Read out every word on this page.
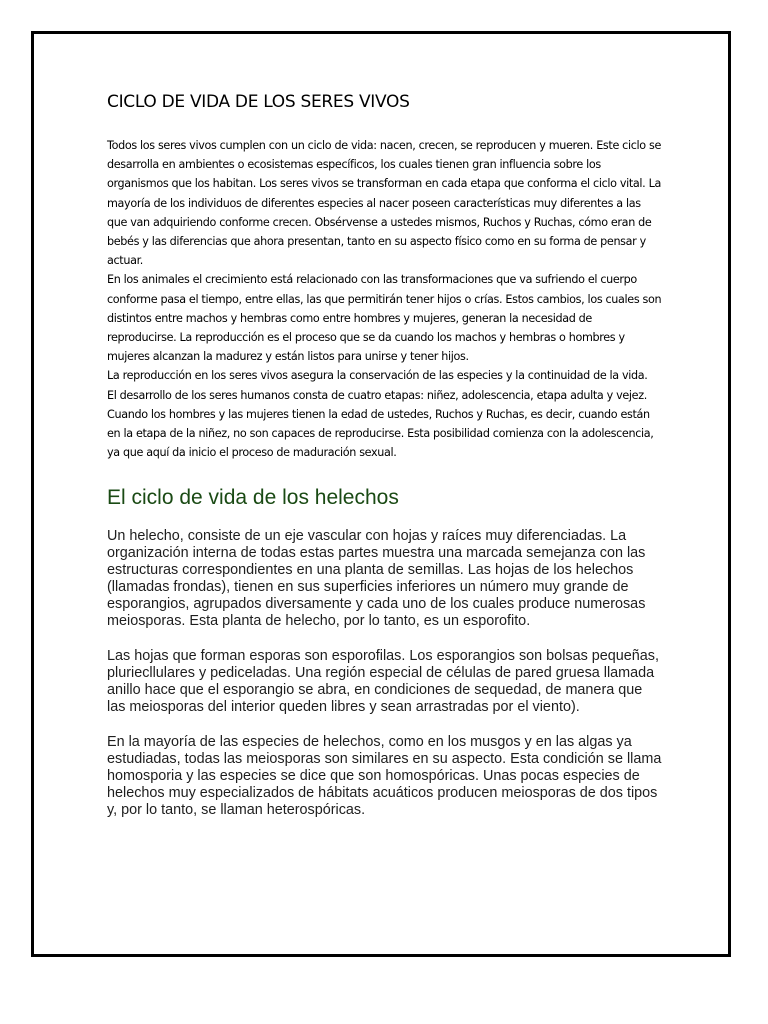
CICLO DE VIDA DE LOS SERES VIVOS

Todos los seres vivos cumplen con un ciclo de vida: nacen, crecen, se reproducen y mueren. Este ciclo se desarrolla en ambientes o ecosistemas específicos, los cuales tienen gran influencia sobre los organismos que los habitan. Los seres vivos se transforman en cada etapa que conforma el ciclo vital. La mayoría de los individuos de diferentes especies al nacer poseen características muy diferentes a las que van adquiriendo conforme crecen. Obsérvense a ustedes mismos, Ruchos y Ruchas, cómo eran de bebés y las diferencias que ahora presentan, tanto en su aspecto físico como en su forma de pensar y actuar.

En los animales el crecimiento está relacionado con las transformaciones que va sufriendo el cuerpo conforme pasa el tiempo, entre ellas, las que permitirán tener hijos o crías. Estos cambios, los cuales son distintos entre machos y hembras como entre hombres y mujeres, generan la necesidad de reproducirse. La reproducción es el proceso que se da cuando los machos y hembras o hombres y mujeres alcanzan la madurez y están listos para unirse y tener hijos.

La reproducción en los seres vivos asegura la conservación de las especies y la continuidad de la vida.

El desarrollo de los seres humanos consta de cuatro etapas: niñez, adolescencia, etapa adulta y vejez. Cuando los hombres y las mujeres tienen la edad de ustedes, Ruchos y Ruchas, es decir, cuando están en la etapa de la niñez, no son capaces de reproducirse. Esta posibilidad comienza con la adolescencia, ya que aquí da inicio el proceso de maduración sexual.

El ciclo de vida de los helechos

Un helecho, consiste de un eje vascular con hojas y raíces muy diferenciadas. La organización interna de todas estas partes muestra una marcada semejanza con las estructuras correspondientes en una planta de semillas. Las hojas de los helechos (llamadas frondas), tienen en sus superficies inferiores un número muy grande de esporangios, agrupados diversamente y cada uno de los cuales produce numerosas meiosporas. Esta planta de helecho, por lo tanto, es un esporofito.

Las hojas que forman esporas son esporofilas. Los esporangios son bolsas pequeñas, pluriecllulares y pediceladas. Una región especial de células de pared gruesa llamada anillo hace que el esporangio se abra, en condiciones de sequedad, de manera que las meiosporas del interior queden libres y sean arrastradas por el viento).

En la mayoría de las especies de helechos, como en los musgos y en las algas ya estudiadas, todas las meiosporas son similares en su aspecto. Esta condición se llama homosporia y las especies se dice que son homospóricas. Unas pocas especies de helechos muy especializados de hábitats acuáticos producen meiosporas de dos tipos y, por lo tanto, se llaman heterospóricas.
